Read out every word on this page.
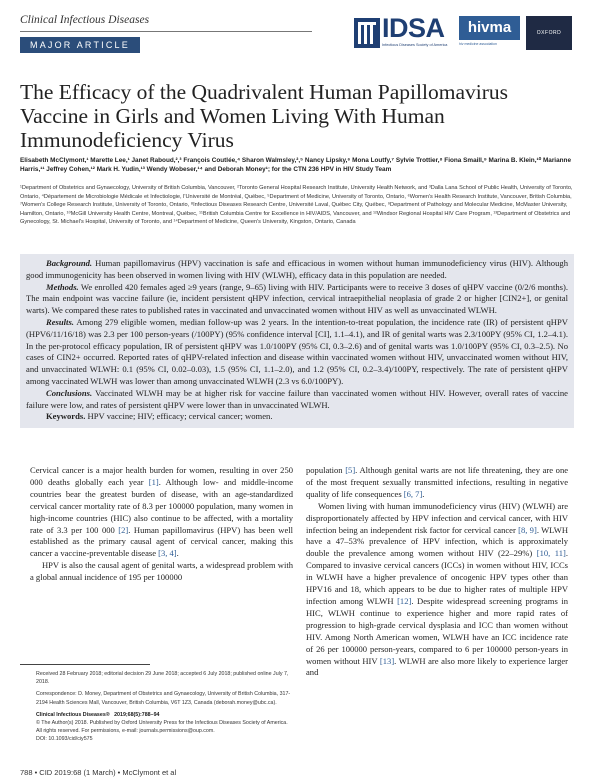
Clinical Infectious Diseases
MAJOR ARTICLE
IDSA
Infectious Diseases Society of America
hivma
hiv medicine association
OXFORD
The Efficacy of the Quadrivalent Human Papillomavirus Vaccine in Girls and Women Living With Human Immunodeficiency Virus
Elisabeth McClymont,¹ Marette Lee,¹ Janet Raboud,²,³ François Coutlée,⁴ Sharon Walmsley,²,⁵ Nancy Lipsky,⁶ Mona Loutfy,⁷ Sylvie Trottier,⁸ Fiona Smaill,⁹ Marina B. Klein,¹⁰ Marianne Harris,¹¹ Jeffrey Cohen,¹² Mark H. Yudin,¹³ Wendy Wobeser,¹⁴ and Deborah Money¹; for the CTN 236 HPV in HIV Study Team
¹Department of Obstetrics and Gynaecology, University of British Columbia, Vancouver, ²Toronto General Hospital Research Institute, University Health Network, and ³Dalla Lana School of Public Health, University of Toronto, Ontario, ⁴Département de Microbiologie Médicale et Infectiologie, l'Université de Montréal, Québec, ⁵Department of Medicine, University of Toronto, Ontario, ⁶Women's Health Research Institute, Vancouver, British Columbia, ⁷Women's College Research Institute, University of Toronto, Ontario, ⁸Infectious Diseases Research Centre, Université Laval, Québec City, Québec, ⁹Department of Pathology and Molecular Medicine, McMaster University, Hamilton, Ontario, ¹⁰McGill University Health Centre, Montreal, Québec, ¹¹British Columbia Centre for Excellence in HIV/AIDS, Vancouver, and ¹²Windsor Regional Hospital HIV Care Program, ¹³Department of Obstetrics and Gynecology, St. Michael's Hospital, University of Toronto, and ¹⁴Department of Medicine, Queen's University, Kingston, Ontario, Canada

Background. Human papillomavirus (HPV) vaccination is safe and efficacious in women without human immunodeficiency virus (HIV). Although good immunogenicity has been observed in women living with HIV (WLWH), efficacy data in this population are needed.

Methods. We enrolled 420 females aged ≥9 years (range, 9–65) living with HIV. Participants were to receive 3 doses of qHPV vaccine (0/2/6 months). The main endpoint was vaccine failure (ie, incident persistent qHPV infection, cervical intraepithelial neoplasia of grade 2 or higher [CIN2+], or genital warts). We compared these rates to published rates in vaccinated and unvaccinated women without HIV as well as unvaccinated WLWH.

Results. Among 279 eligible women, median follow-up was 2 years. In the intention-to-treat population, the incidence rate (IR) of persistent qHPV (HPV6/11/16/18) was 2.3 per 100 person-years (/100PY) (95% confidence interval [CI], 1.1–4.1), and IR of genital warts was 2.3/100PY (95% CI, 1.2–4.1). In the per-protocol efficacy population, IR of persistent qHPV was 1.0/100PY (95% CI, 0.3–2.6) and of genital warts was 1.0/100PY (95% CI, 0.3–2.5). No cases of CIN2+ occurred. Reported rates of qHPV-related infection and disease within vaccinated women without HIV, unvaccinated women without HIV, and unvaccinated WLWH: 0.1 (95% CI, 0.02–0.03), 1.5 (95% CI, 1.1–2.0), and 1.2 (95% CI, 0.2–3.4)/100PY, respectively. The rate of persistent qHPV among vaccinated WLWH was lower than among unvaccinated WLWH (2.3 vs 6.0/100PY).

Conclusions. Vaccinated WLWH may be at higher risk for vaccine failure than vaccinated women without HIV. However, overall rates of vaccine failure were low, and rates of persistent qHPV were lower than in unvaccinated WLWH.

Keywords. HPV vaccine; HIV; efficacy; cervical cancer; women.

Cervical cancer is a major health burden for women, resulting in over 250 000 deaths globally each year [1]. Although low- and middle-income countries bear the greatest burden of disease, with an age-standardized cervical cancer mortality rate of 8.3 per 100000 population, many women in high-income countries (HIC) also continue to be affected, with a mortality rate of 3.3 per 100 000 [2]. Human papillomavirus (HPV) has been well established as the primary causal agent of cervical cancer, making this cancer a vaccine-preventable disease [3, 4].

HPV is also the causal agent of genital warts, a widespread problem with a global annual incidence of 195 per 100000

population [5]. Although genital warts are not life threatening, they are one of the most frequent sexually transmitted infections, resulting in negative quality of life consequences [6, 7].

Women living with human immunodeficiency virus (HIV) (WLWH) are disproportionately affected by HPV infection and cervical cancer, with HIV infection being an independent risk factor for cervical cancer [8, 9]. WLWH have a 47–53% prevalence of HPV infection, which is approximately double the prevalence among women without HIV (22–29%) [10, 11]. Compared to invasive cervical cancers (ICCs) in women without HIV, ICCs in WLWH have a higher prevalence of oncogenic HPV types other than HPV16 and 18, which appears to be due to higher rates of multiple HPV infection among WLWH [12]. Despite widespread screening programs in HIC, WLWH continue to experience higher and more rapid rates of progression to high-grade cervical dysplasia and ICC than women without HIV. Among North American women, WLWH have an ICC incidence rate of 26 per 100000 person-years, compared to 6 per 100000 person-years in women without HIV [13]. WLWH are also more likely to experience larger and

Received 28 February 2018; editorial decision 29 June 2018; accepted 6 July 2018; published online July 7, 2018.

Correspondence: D. Money, Department of Obstetrics and Gynaecology, University of British Columbia, 317-2194 Health Sciences Mall, Vancouver, British Columbia, V6T 1Z3, Canada (deborah.money@ubc.ca).

Clinical Infectious Diseases® 2019;68(5):788–94
© The Author(s) 2018. Published by Oxford University Press for the Infectious Diseases Society of America. All rights reserved. For permissions, e-mail: journals.permissions@oup.com.
DOI: 10.1093/cid/ciy575

788 • CID 2019:68 (1 March) • McClymont et al
